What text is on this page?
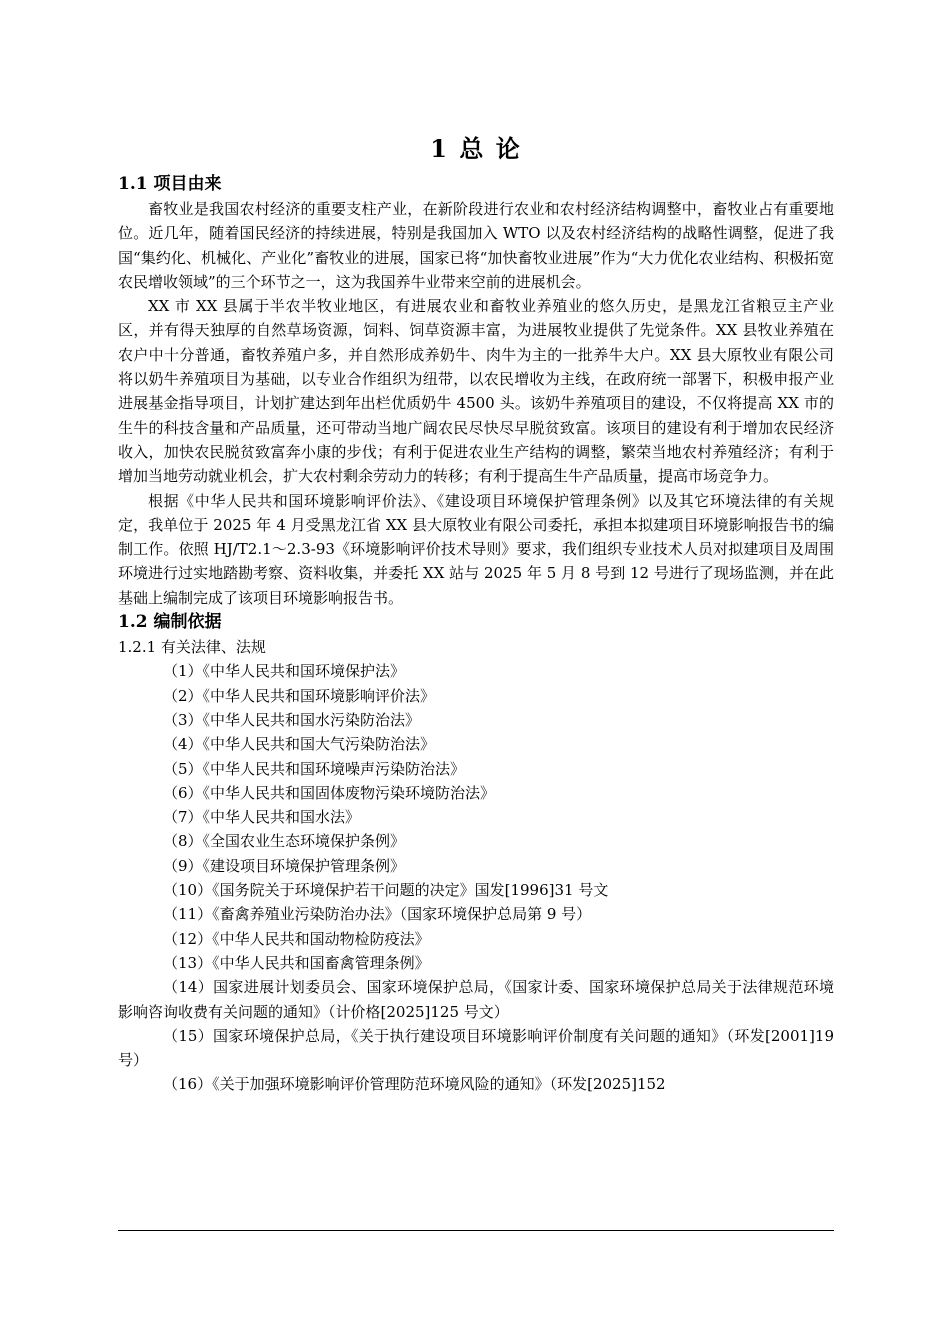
1 总 论
1.1 项目由来

畜牧业是我国农村经济的重要支柱产业，在新阶段进行农业和农村经济结构调整中，畜牧业占有重要地位。近几年，随着国民经济的持续进展，特别是我国加入 WTO 以及农村经济结构的战略性调整，促进了我国“集约化、机械化、产业化”畜牧业的进展，国家已将“加快畜牧业进展”作为“大力优化农业结构、积极拓宽农民增收领域”的三个环节之一，这为我国养牛业带来空前的进展机会。

XX 市 XX 县属于半农半牧业地区，有进展农业和畜牧业养殖业的悠久历史，是黑龙江省粮豆主产业区，并有得天独厚的自然草场资源，饲料、饲草资源丰富，为进展牧业提供了先觉条件。XX 县牧业养殖在农户中十分普通，畜牧养殖户多，并自然形成养奶牛、肉牛为主的一批养牛大户。XX 县大原牧业有限公司将以奶牛养殖项目为基础，以专业合作组织为纽带，以农民增收为主线，在政府统一部署下，积极申报产业进展基金指导项目，计划扩建达到年出栏优质奶牛 4500 头。该奶牛养殖项目的建设，不仅将提高 XX 市的生牛的科技含量和产品质量，还可带动当地广阔农民尽快尽早脱贫致富。该项目的建设有利于增加农民经济收入，加快农民脱贫致富奔小康的步伐；有利于促进农业生产结构的调整，繁荣当地农村养殖经济；有利于增加当地劳动就业机会，扩大农村剩余劳动力的转移；有利于提高生牛产品质量，提高市场竞争力。

根据《中华人民共和国环境影响评价法》、《建设项目环境保护管理条例》以及其它环境法律的有关规定，我单位于 2025 年 4 月受黑龙江省 XX 县大原牧业有限公司委托，承担本拟建项目环境影响报告书的编制工作。依照 HJ/T2.1～2.3-93《环境影响评价技术导则》要求，我们组织专业技术人员对拟建项目及周围环境进行过实地踏勘考察、资料收集，并委托 XX 站与 2025 年 5 月 8 号到 12 号进行了现场监测，并在此基础上编制完成了该项目环境影响报告书。

1.2 编制依据
1.2.1 有关法律、法规

（1）《中华人民共和国环境保护法》

（2）《中华人民共和国环境影响评价法》

（3）《中华人民共和国水污染防治法》

（4）《中华人民共和国大气污染防治法》

（5）《中华人民共和国环境噪声污染防治法》

（6）《中华人民共和国固体废物污染环境防治法》

（7）《中华人民共和国水法》

（8）《全国农业生态环境保护条例》

（9）《建设项目环境保护管理条例》

（10）《国务院关于环境保护若干问题的决定》国发[1996]31 号文

（11）《畜禽养殖业污染防治办法》（国家环境保护总局第 9 号）

（12）《中华人民共和国动物检防疫法》

（13）《中华人民共和国畜禽管理条例》

（14）国家进展计划委员会、国家环境保护总局，《国家计委、国家环境保护总局关于法律规范环境影响咨询收费有关问题的通知》（计价格[2025]125 号文）

（15）国家环境保护总局，《关于执行建设项目环境影响评价制度有关问题的通知》（环发[2001]19 号）

（16）《关于加强环境影响评价管理防范环境风险的通知》（环发[2025]152
